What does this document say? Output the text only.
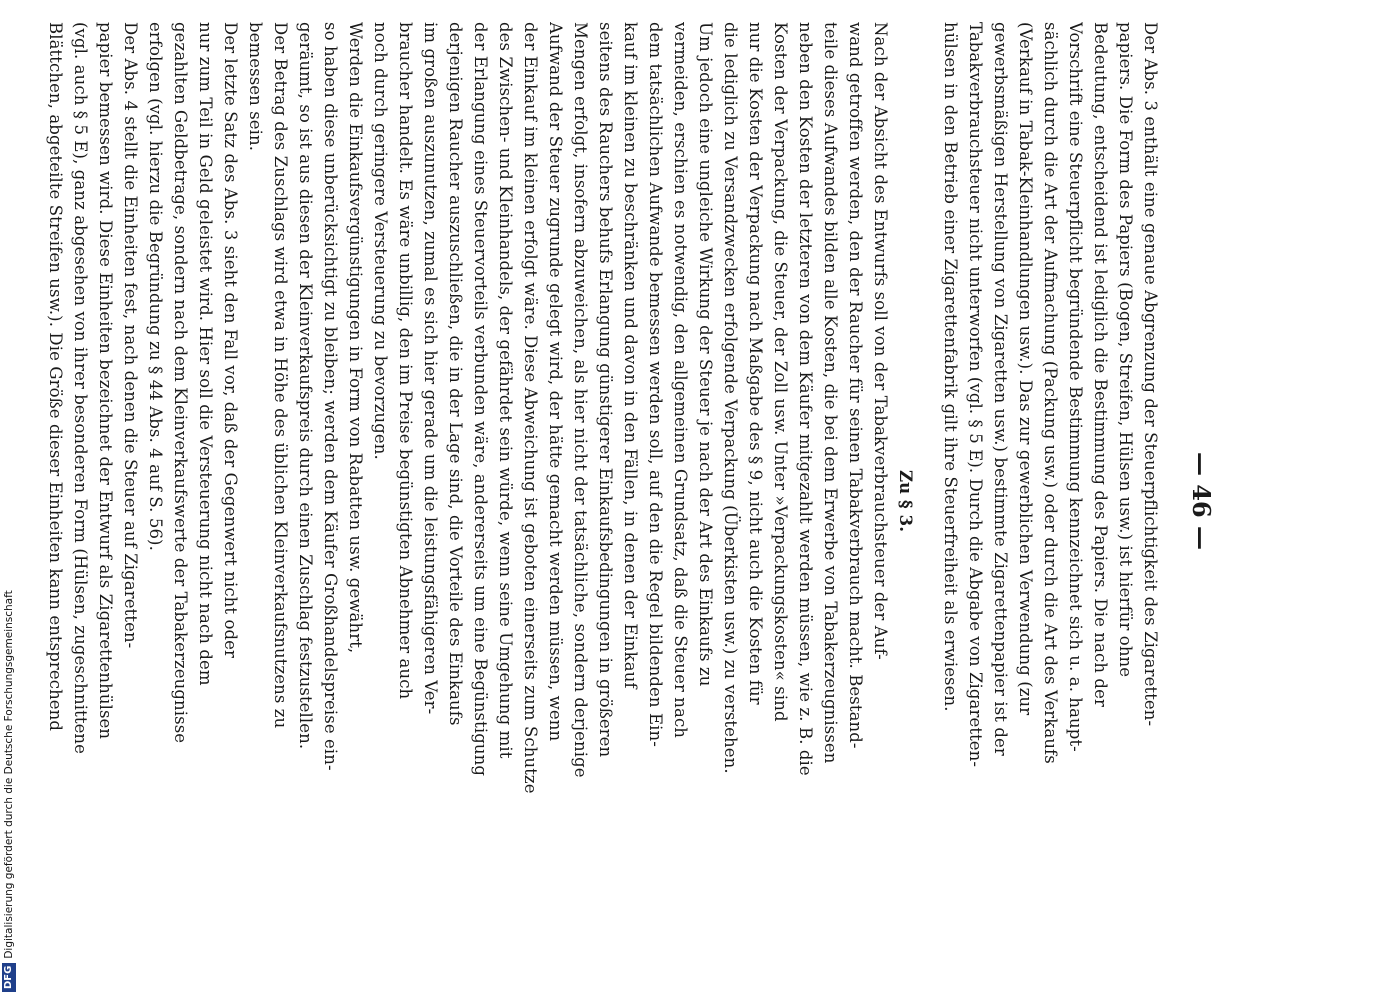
DFG
Digitalisierung gefördert durch die Deutsche Forschungsgemeinschaft
— 46 —
Der Abs. 3 enthält eine genaue Abgrenzung der Steuerpflichtigkeit des Zigaretten-
papiers. Die Form des Papiers (Bogen, Streifen, Hülsen usw.) ist hierfür ohne
Bedeutung, entscheidend ist lediglich die Bestimmung des Papiers. Die nach der
Vorschrift eine Steuerpflicht begründende Bestimmung kennzeichnet sich u. a. haupt-
sächlich durch die Art der Aufmachung (Packung usw.) oder durch die Art des Verkaufs
(Verkauf in Tabak-Kleinhandlungen usw.). Das zur gewerblichen Verwendung (zur
gewerbsmäßigen Herstellung von Zigaretten usw.) bestimmte Zigarettenpapier ist der
Tabakverbrauchsteuer nicht unterworfen (vgl. § 5 E). Durch die Abgabe von Zigaretten-
hülsen in den Betrieb einer Zigarettenfabrik gilt ihre Steuerfreiheit als erwiesen.
Zu § 3.
Nach der Absicht des Entwurfs soll von der Tabakverbrauchsteuer der Auf-
wand getroffen werden, den der Raucher für seinen Tabakverbrauch macht. Bestand-
teile dieses Aufwandes bilden alle Kosten, die bei dem Erwerbe von Tabakerzeugnissen
neben den Kosten der letzteren von dem Käufer mitgezahlt werden müssen, wie z. B. die
Kosten der Verpackung, die Steuer, der Zoll usw. Unter »Verpackungskosten« sind
nur die Kosten der Verpackung nach Maßgabe des § 9, nicht auch die Kosten für
die lediglich zu Versandzwecken erfolgende Verpackung (Überkisten usw.) zu verstehen.
Um jedoch eine ungleiche Wirkung der Steuer je nach der Art des Einkaufs zu
vermeiden, erschien es notwendig, den allgemeinen Grundsatz, daß die Steuer nach
dem tatsächlichen Aufwande bemessen werden soll, auf den die Regel bildenden Ein-
kauf im kleinen zu beschränken und davon in den Fällen, in denen der Einkauf
seitens des Rauchers behufs Erlangung günstigerer Einkaufsbedingungen in größeren
Mengen erfolgt, insofern abzuweichen, als hier nicht der tatsächliche, sondern derjenige
Aufwand der Steuer zugrunde gelegt wird, der hätte gemacht werden müssen, wenn
der Einkauf im kleinen erfolgt wäre. Diese Abweichung ist geboten einerseits zum Schutze
des Zwischen- und Kleinhandels, der gefährdet sein würde, wenn seine Umgehung mit
der Erlangung eines Steuervorteils verbunden wäre, andererseits um eine Begünstigung
derjenigen Raucher auszuschließen, die in der Lage sind, die Vorteile des Einkaufs
im großen auszunutzen, zumal es sich hier gerade um die leistungsfähigeren Ver-
braucher handelt. Es wäre unbillig, den im Preise begünstigten Abnehmer auch
noch durch geringere Versteuerung zu bevorzugen.
Werden die Einkaufsvergünstigungen in Form von Rabatten usw. gewährt,
so haben diese unberücksichtigt zu bleiben; werden dem Käufer Großhandelspreise ein-
geräumt, so ist aus diesen der Kleinverkaufspreis durch einen Zuschlag festzustellen.
Der Betrag des Zuschlags wird etwa in Höhe des üblichen Kleinverkaufsnutzens zu
bemessen sein.
Der letzte Satz des Abs. 3 sieht den Fall vor, daß der Gegenwert nicht oder
nur zum Teil in Geld geleistet wird. Hier soll die Versteuerung nicht nach dem
gezahlten Geldbetrage, sondern nach dem Kleinverkaufswerte der Tabakerzeugnisse
erfolgen (vgl. hierzu die Begründung zu § 44 Abs. 4 auf S. 56).
Der Abs. 4 stellt die Einheiten fest, nach denen die Steuer auf Zigaretten-
papier bemessen wird. Diese Einheiten bezeichnet der Entwurf als Zigarettenhülsen
(vgl. auch § 5 E), ganz abgesehen von ihrer besonderen Form (Hülsen, zugeschnittene
Blättchen, abgeteilte Streifen usw.). Die Größe dieser Einheiten kann entsprechend
